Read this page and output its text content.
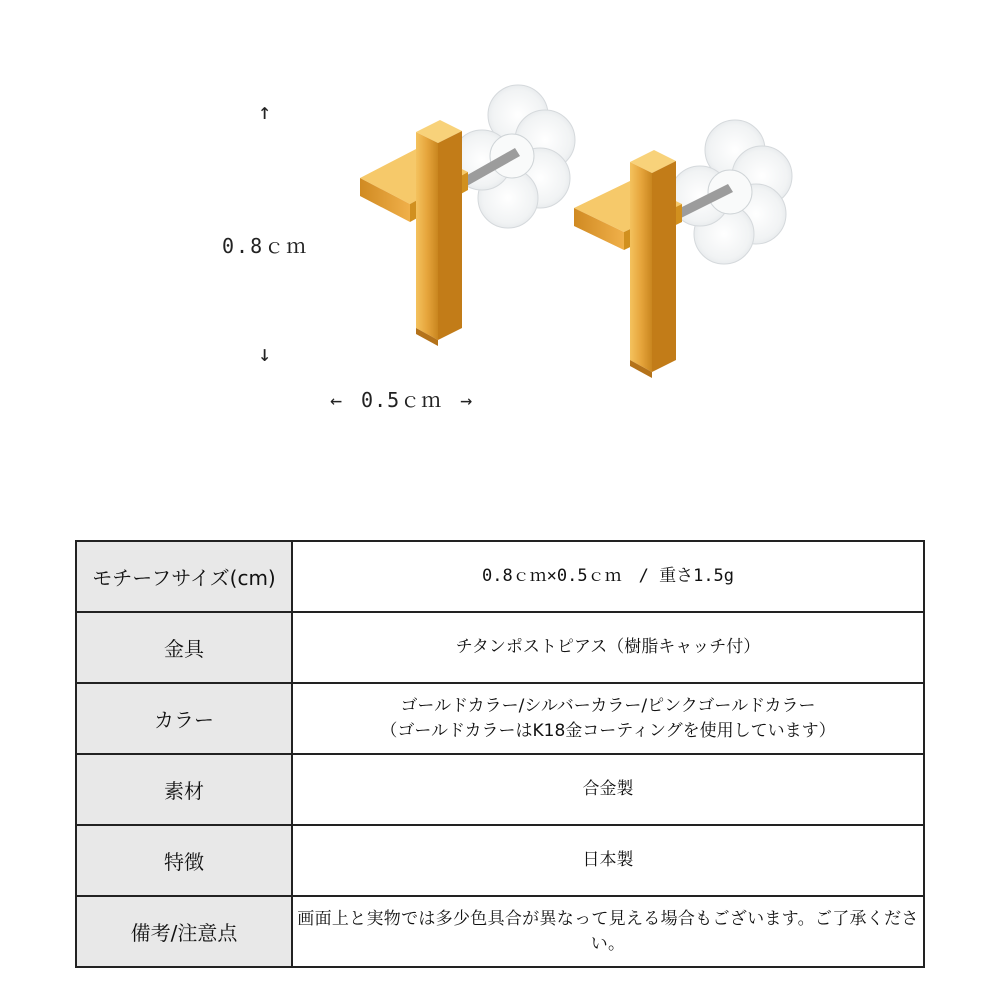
↑
0.8ｃｍ
↓
← 0.5ｃｍ →
モチーフサイズ(cm)	0.8ｃｍ×0.5ｃｍ　/ 重さ1.5g
金具	チタンポストピアス（樹脂キャッチ付）
カラー	ゴールドカラー/シルバーカラー/ピンクゴールドカラー
（ゴールドカラーはK18金コーティングを使用しています）

素材	合金製
特徴	日本製
備考/注意点	画面上と実物では多少色具合が異なって見える場合もございます。ご了承ください。
